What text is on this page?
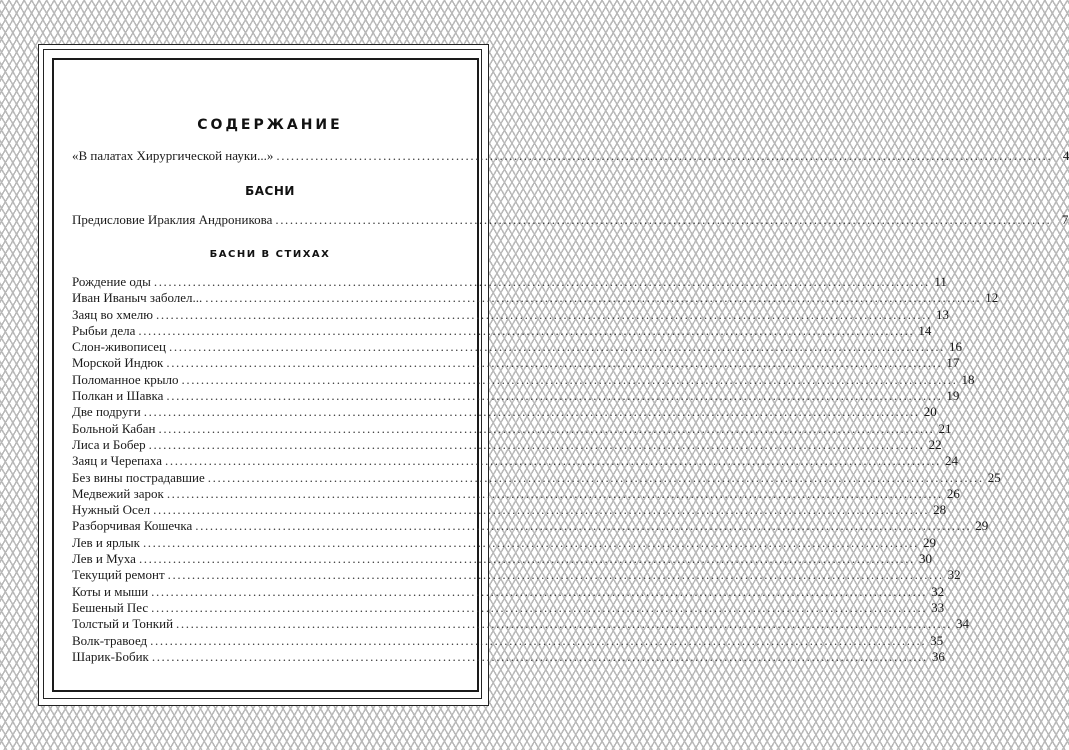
СОДЕРЖАНИЕ
«В палатах Хирургической науки...» ................................................................................................................................................................ 4
БАСНИ
Предисловие Ираклия Андроникова ................................................................................................................................................................ 7
БАСНИ В СТИХАХ
Рождение оды ................................................................................................................................................................ 11
Иван Иваныч заболел... ................................................................................................................................................................ 12
Заяц во хмелю ................................................................................................................................................................ 13
Рыбьи дела ................................................................................................................................................................ 14
Слон-живописец ................................................................................................................................................................ 16
Морской Индюк ................................................................................................................................................................ 17
Поломанное крыло ................................................................................................................................................................ 18
Полкан и Шавка ................................................................................................................................................................ 19
Две подруги ................................................................................................................................................................ 20
Больной Кабан ................................................................................................................................................................ 21
Лиса и Бобер ................................................................................................................................................................ 22
Заяц и Черепаха ................................................................................................................................................................ 24
Без вины пострадавшие ................................................................................................................................................................ 25
Медвежий зарок ................................................................................................................................................................ 26
Нужный Осел ................................................................................................................................................................ 28
Разборчивая Кошечка ................................................................................................................................................................ 29
Лев и ярлык ................................................................................................................................................................ 29
Лев и Муха ................................................................................................................................................................ 30
Текущий ремонт ................................................................................................................................................................ 32
Коты и мыши ................................................................................................................................................................ 32
Бешеный Пес ................................................................................................................................................................ 33
Толстый и Тонкий ................................................................................................................................................................ 34
Волк-травоед ................................................................................................................................................................ 35
Шарик-Бобик ................................................................................................................................................................ 36
